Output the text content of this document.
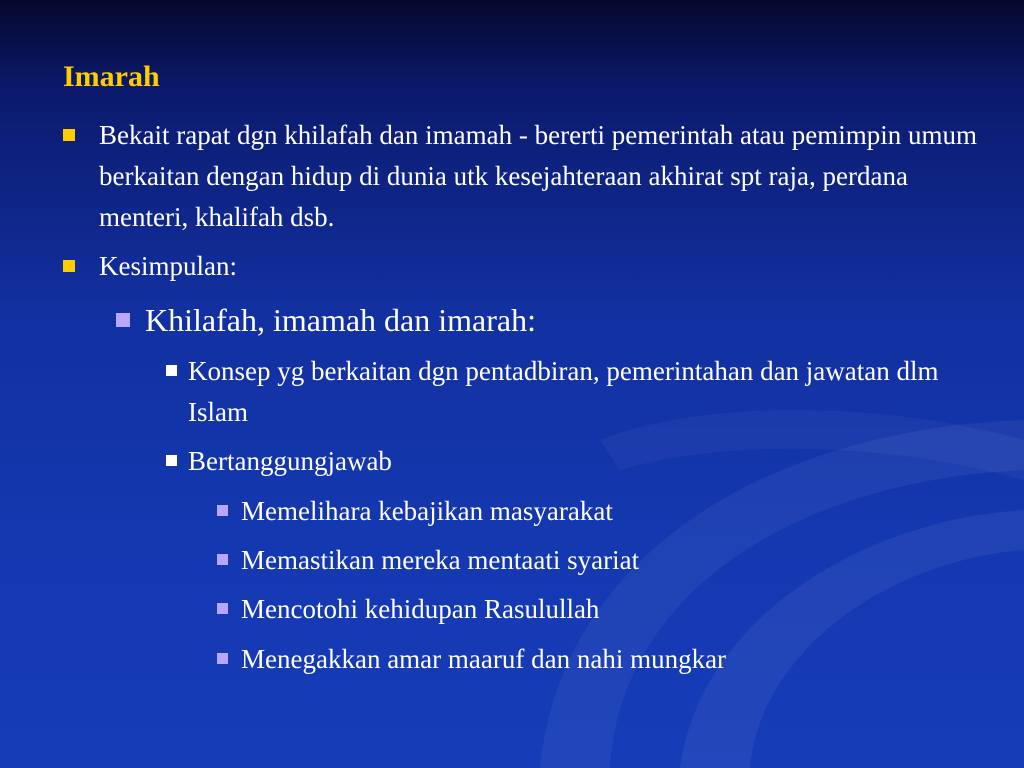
Imarah
Bekait rapat dgn khilafah dan imamah - bererti pemerintah atau pemimpin umum berkaitan dengan hidup di dunia utk kesejahteraan akhirat spt raja, perdana menteri, khalifah dsb.
Kesimpulan:
Khilafah, imamah dan imarah:
Konsep yg berkaitan dgn pentadbiran, pemerintahan dan jawatan dlm Islam
Bertanggungjawab
Memelihara kebajikan masyarakat
Memastikan mereka mentaati syariat
Mencotohi kehidupan Rasulullah
Menegakkan amar maaruf dan nahi mungkar
